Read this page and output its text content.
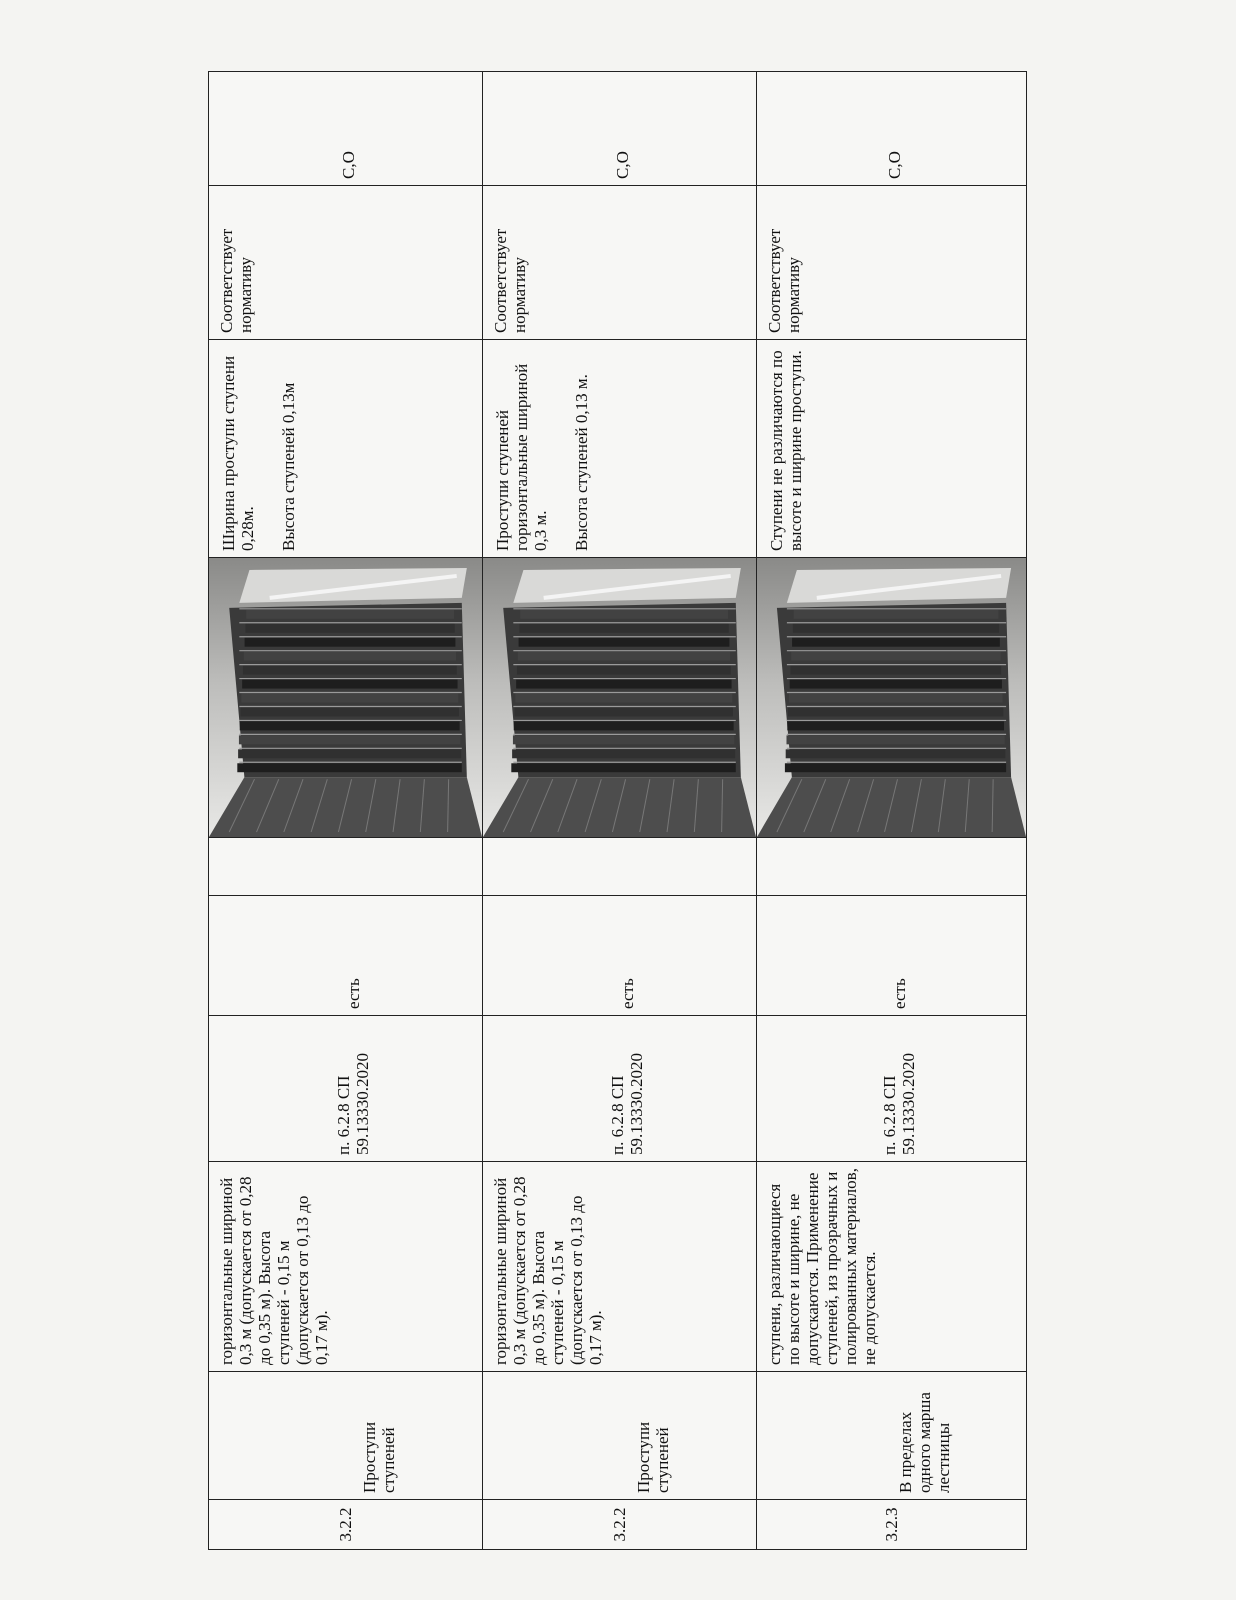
3.2.2	Проступи ступеней	горизонтальные шириной 0,3 м (допускается от 0,28 до 0,35 м). Высота ступеней - 0,15 м (допускается от 0,13 до 0,17 м).	п. 6.2.8 СП 59.13330.2020	есть			Ширина проступи ступени 0,28м. Высота ступеней 0,13м	Соответствует нормативу	С,О
3.2.2	Проступи ступеней	горизонтальные шириной 0,3 м (допускается от 0,28 до 0,35 м). Высота ступеней - 0,15 м (допускается от 0,13 до 0,17 м).	п. 6.2.8 СП 59.13330.2020	есть			Проступи ступеней горизонтальные шириной 0,3 м. Высота ступеней 0,13 м.	Соответствует нормативу	С,О
3.2.3	В пределах одного марша лестницы	ступени, различающиеся по высоте и ширине, не допускаются. Применение ступеней, из прозрачных и полированных материалов, не допускается.	п. 6.2.8 СП 59.13330.2020	есть			Ступени не различаются по высоте и ширине проступи.	Соответствует нормативу	С,О
